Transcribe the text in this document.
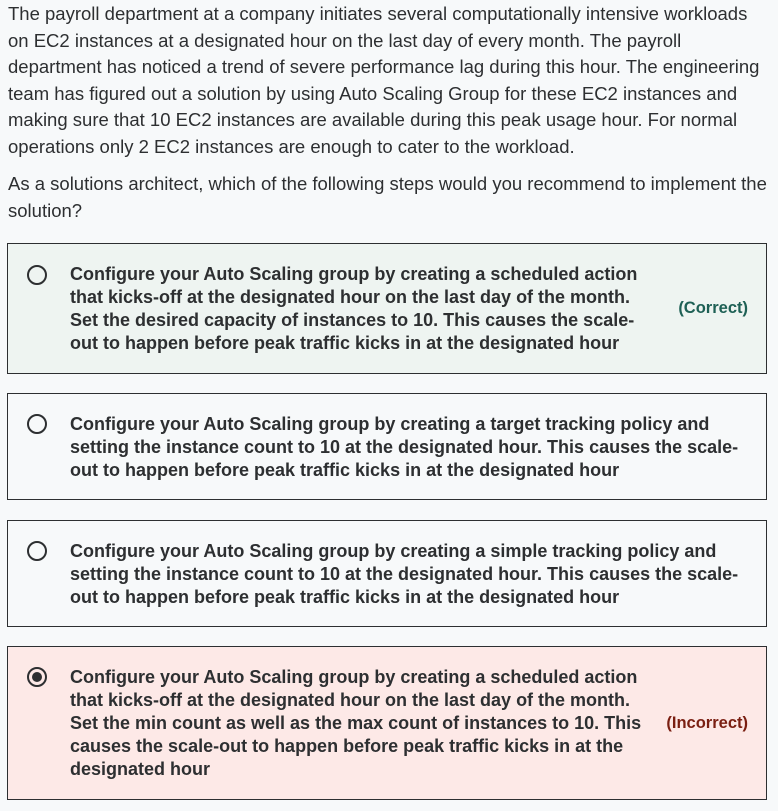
The payroll department at a company initiates several computationally intensive workloads on EC2 instances at a designated hour on the last day of every month. The payroll department has noticed a trend of severe performance lag during this hour. The engineering team has figured out a solution by using Auto Scaling Group for these EC2 instances and making sure that 10 EC2 instances are available during this peak usage hour. For normal operations only 2 EC2 instances are enough to cater to the workload.

As a solutions architect, which of the following steps would you recommend to implement the solution?

Configure your Auto Scaling group by creating a scheduled action that kicks-off at the designated hour on the last day of the month. Set the desired capacity of instances to 10. This causes the scale-out to happen before peak traffic kicks in at the designated hour
(Correct)
Configure your Auto Scaling group by creating a target tracking policy and setting the instance count to 10 at the designated hour. This causes the scale-out to happen before peak traffic kicks in at the designated hour
Configure your Auto Scaling group by creating a simple tracking policy and setting the instance count to 10 at the designated hour. This causes the scale-out to happen before peak traffic kicks in at the designated hour
Configure your Auto Scaling group by creating a scheduled action that kicks-off at the designated hour on the last day of the month. Set the min count as well as the max count of instances to 10. This causes the scale-out to happen before peak traffic kicks in at the designated hour
(Incorrect)
